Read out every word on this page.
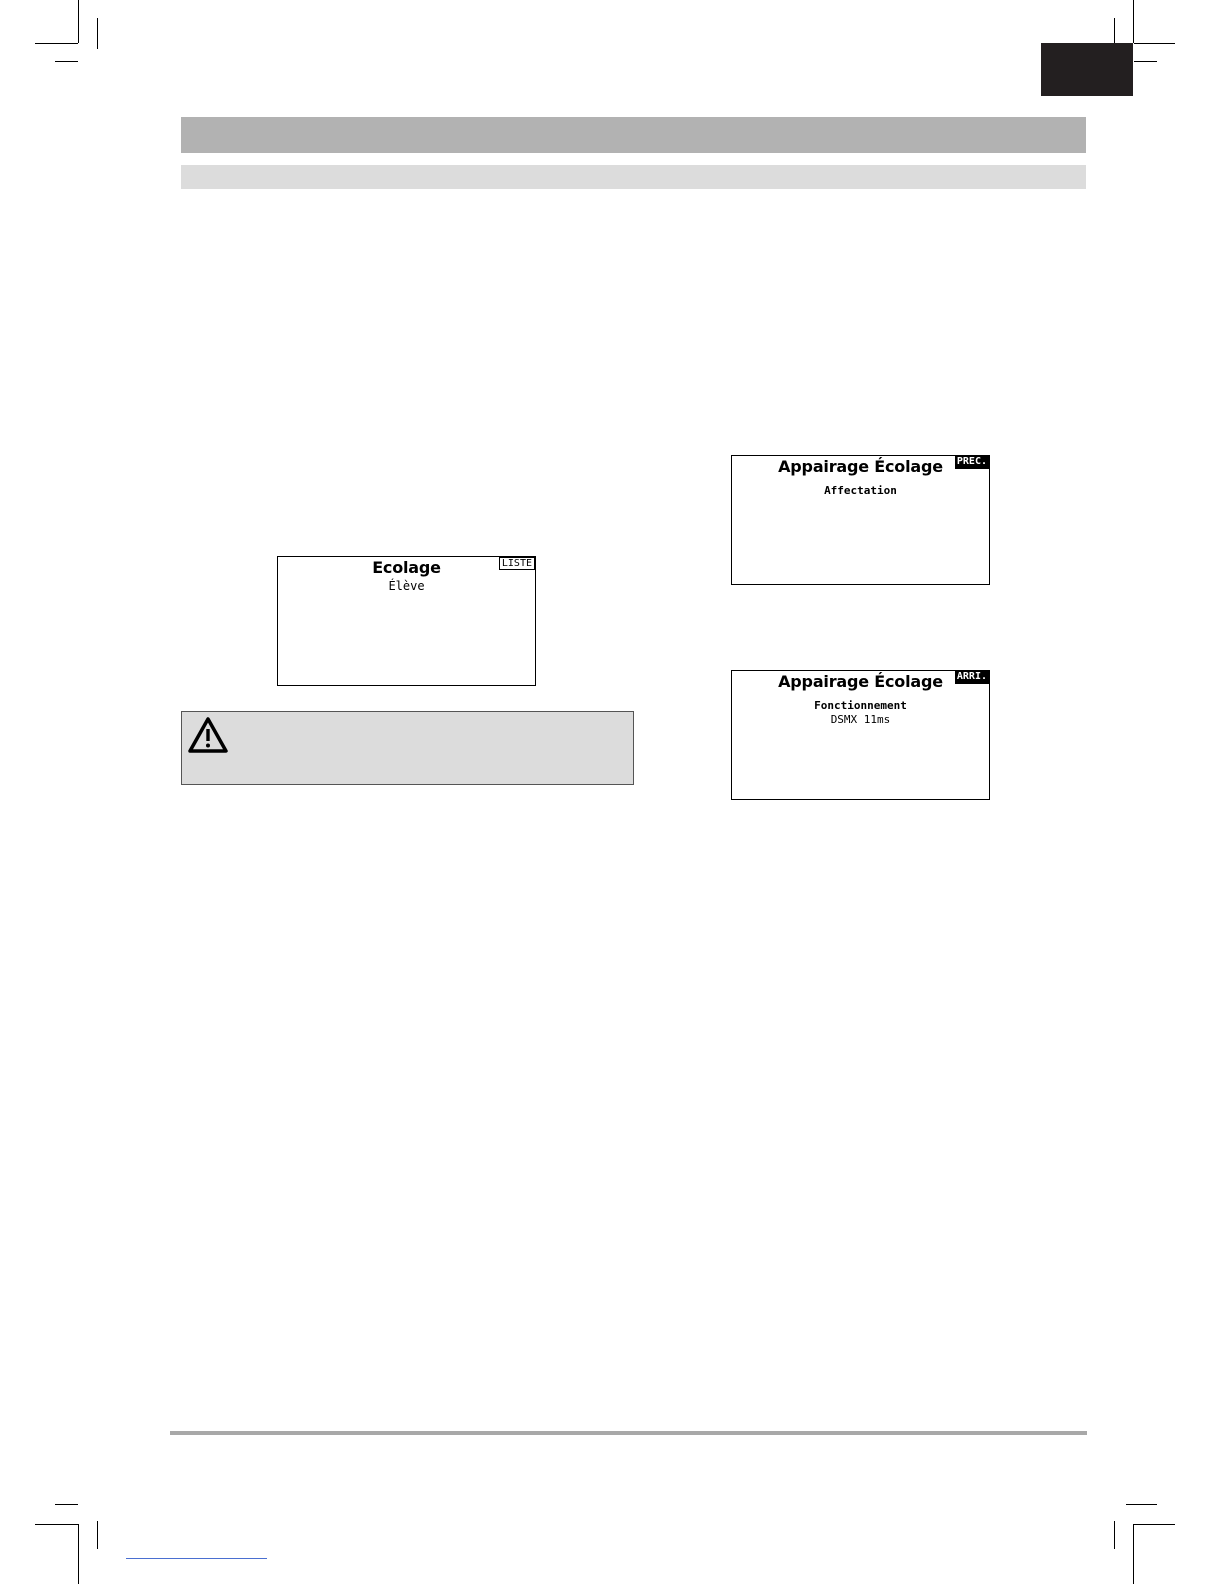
LISTE
Ecolage
Élève
PREC.
Appairage Écolage
Affectation
ARRI.
Appairage Écolage
Fonctionnement
DSMX 11ms
